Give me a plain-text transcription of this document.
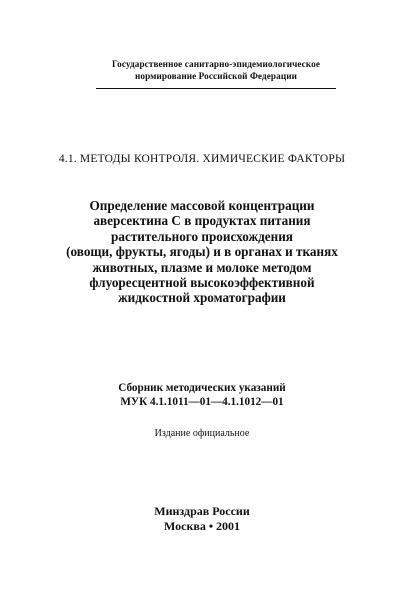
Государственное санитарно-эпидемиологическое
нормирование Российской Федерации
4.1. МЕТОДЫ КОНТРОЛЯ. ХИМИЧЕСКИЕ ФАКТОРЫ
Определение массовой концентрации
аверсектина С в продуктах питания
растительного происхождения
(овощи, фрукты, ягоды) и в органах и тканях
животных, плазме и молоке методом
флуоресцентной высокоэффективной
жидкостной хроматографии
Сборник методических указаний
МУК 4.1.1011—01—4.1.1012—01
Издание официальное
Минздрав России
Москва • 2001
